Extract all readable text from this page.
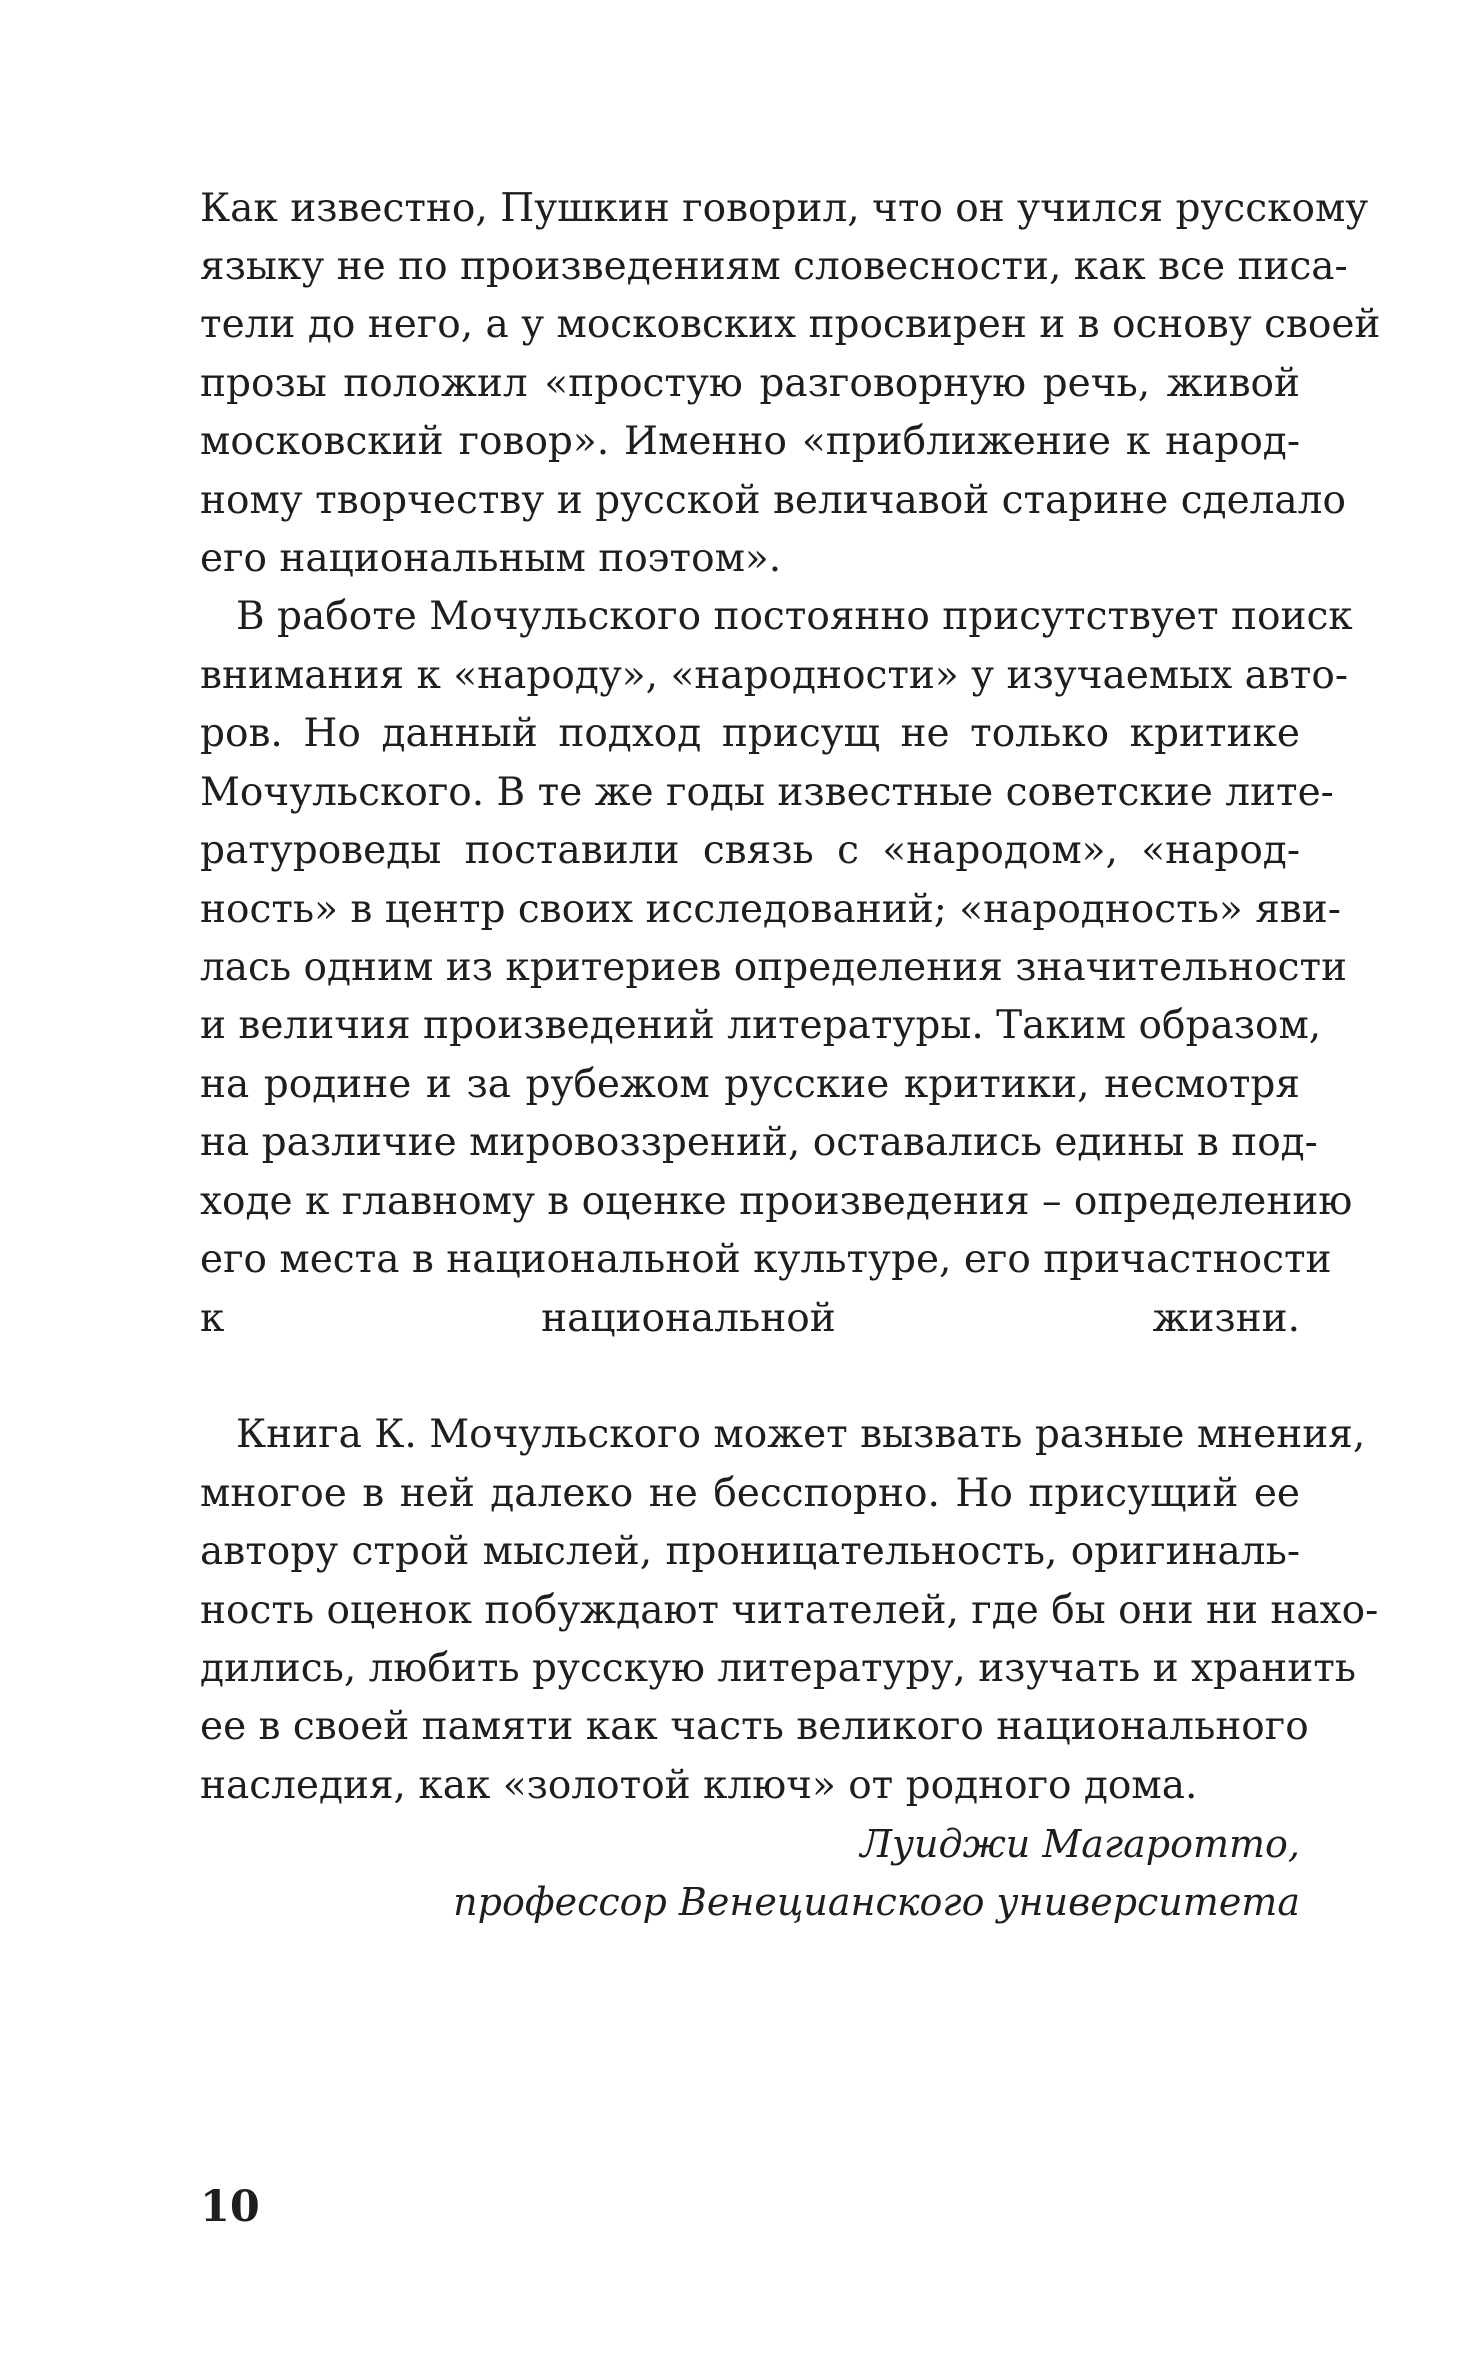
Как известно, Пушкин говорил, что он учился русскому
языку не по произведениям словесности, как все писа-
тели до него, а у московских просвирен и в основу своей
прозы положил «простую разговорную речь, живой
московский говор». Именно «приближение к народ-
ному творчеству и русской величавой старине сделало
его национальным поэтом».
В работе Мочульского постоянно присутствует поиск
внимания к «народу», «народности» у изучаемых авто-
ров. Но данный подход присущ не только критике
Мочульского. В те же годы известные советские лите-
ратуроведы поставили связь с «народом», «народ-
ность» в центр своих исследований; «народность» яви-
лась одним из критериев определения значительности
и величия произведений литературы. Таким образом,
на родине и за рубежом русские критики, несмотря
на различие мировоззрений, оставались едины в под-
ходе к главному в оценке произведения – определению
его места в национальной культуре, его причастности
к национальной жизни.
Книга К. Мочульского может вызвать разные мнения,
многое в ней далеко не бесспорно. Но присущий ее
автору строй мыслей, проницательность, оригиналь-
ность оценок побуждают читателей, где бы они ни нахо-
дились, любить русскую литературу, изучать и хранить
ее в своей памяти как часть великого национального
наследия, как «золотой ключ» от родного дома.
Луиджи Магаротто,
профессор Венецианского университета
10
